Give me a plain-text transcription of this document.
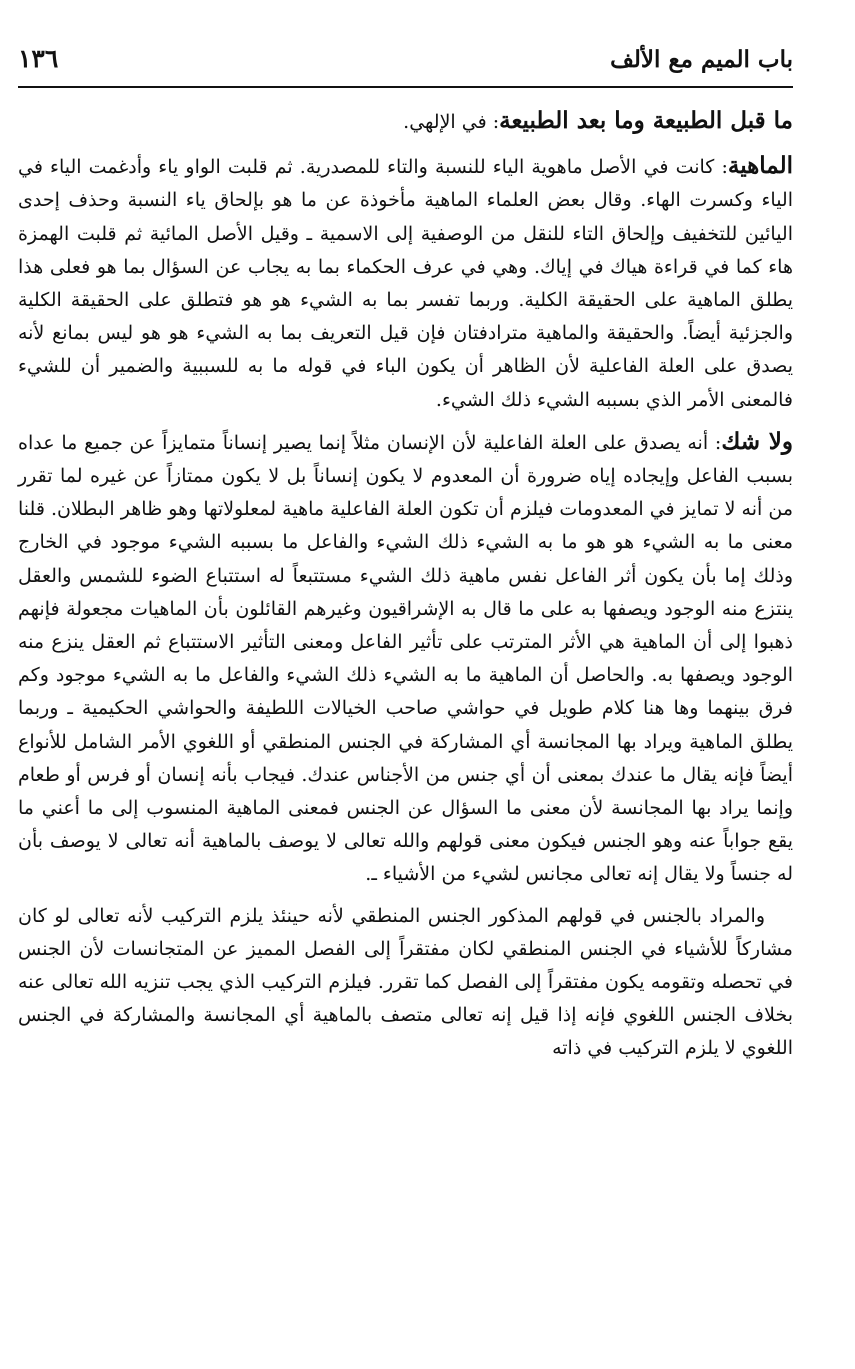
باب الميم مع الألف
١٣٦

ما قبل الطبيعة وما بعد الطبيعة: في الإلهي.

الماهية: كانت في الأصل ماهوية الياء للنسبة والتاء للمصدرية. ثم قلبت الواو ياء وأدغمت الياء في الياء وكسرت الهاء. وقال بعض العلماء الماهية مأخوذة عن ما هو بإلحاق ياء النسبة وحذف إحدى اليائين للتخفيف وإلحاق التاء للنقل من الوصفية إلى الاسمية ـ وقيل الأصل المائية ثم قلبت الهمزة هاء كما في قراءة هياك في إياك. وهي في عرف الحكماء بما به يجاب عن السؤال بما هو فعلى هذا يطلق الماهية على الحقيقة الكلية. وربما تفسر بما به الشيء هو هو فتطلق على الحقيقة الكلية والجزئية أيضاً. والحقيقة والماهية مترادفتان فإن قيل التعريف بما به الشيء هو هو ليس بمانع لأنه يصدق على العلة الفاعلية لأن الظاهر أن يكون الباء في قوله ما به للسببية والضمير أن للشيء فالمعنى الأمر الذي بسببه الشيء ذلك الشيء.

ولا شك: أنه يصدق على العلة الفاعلية لأن الإنسان مثلاً إنما يصير إنساناً متمايزاً عن جميع ما عداه بسبب الفاعل وإيجاده إياه ضرورة أن المعدوم لا يكون إنساناً بل لا يكون ممتازاً عن غيره لما تقرر من أنه لا تمايز في المعدومات فيلزم أن تكون العلة الفاعلية ماهية لمعلولاتها وهو ظاهر البطلان. قلنا معنى ما به الشيء هو هو ما به الشيء ذلك الشيء والفاعل ما بسببه الشيء موجود في الخارج وذلك إما بأن يكون أثر الفاعل نفس ماهية ذلك الشيء مستتبعاً له استتباع الضوء للشمس والعقل ينتزع منه الوجود ويصفها به على ما قال به الإشراقيون وغيرهم القائلون بأن الماهيات مجعولة فإنهم ذهبوا إلى أن الماهية هي الأثر المترتب على تأثير الفاعل ومعنى التأثير الاستتباع ثم العقل ينزع منه الوجود ويصفها به. والحاصل أن الماهية ما به الشيء ذلك الشيء والفاعل ما به الشيء موجود وكم فرق بينهما وها هنا كلام طويل في حواشي صاحب الخيالات اللطيفة والحواشي الحكيمية ـ وربما يطلق الماهية ويراد بها المجانسة أي المشاركة في الجنس المنطقي أو اللغوي الأمر الشامل للأنواع أيضاً فإنه يقال ما عندك بمعنى أن أي جنس من الأجناس عندك. فيجاب بأنه إنسان أو فرس أو طعام وإنما يراد بها المجانسة لأن معنى ما السؤال عن الجنس فمعنى الماهية المنسوب إلى ما أعني ما يقع جواباً عنه وهو الجنس فيكون معنى قولهم والله تعالى لا يوصف بالماهية أنه تعالى لا يوصف بأن له جنساً ولا يقال إنه تعالى مجانس لشيء من الأشياء ـ.

والمراد بالجنس في قولهم المذكور الجنس المنطقي لأنه حينئذ يلزم التركيب لأنه تعالى لو كان مشاركاً للأشياء في الجنس المنطقي لكان مفتقراً إلى الفصل المميز عن المتجانسات لأن الجنس في تحصله وتقومه يكون مفتقراً إلى الفصل كما تقرر. فيلزم التركيب الذي يجب تنزيه الله تعالى عنه بخلاف الجنس اللغوي فإنه إذا قيل إنه تعالى متصف بالماهية أي المجانسة والمشاركة في الجنس اللغوي لا يلزم التركيب في ذاته
